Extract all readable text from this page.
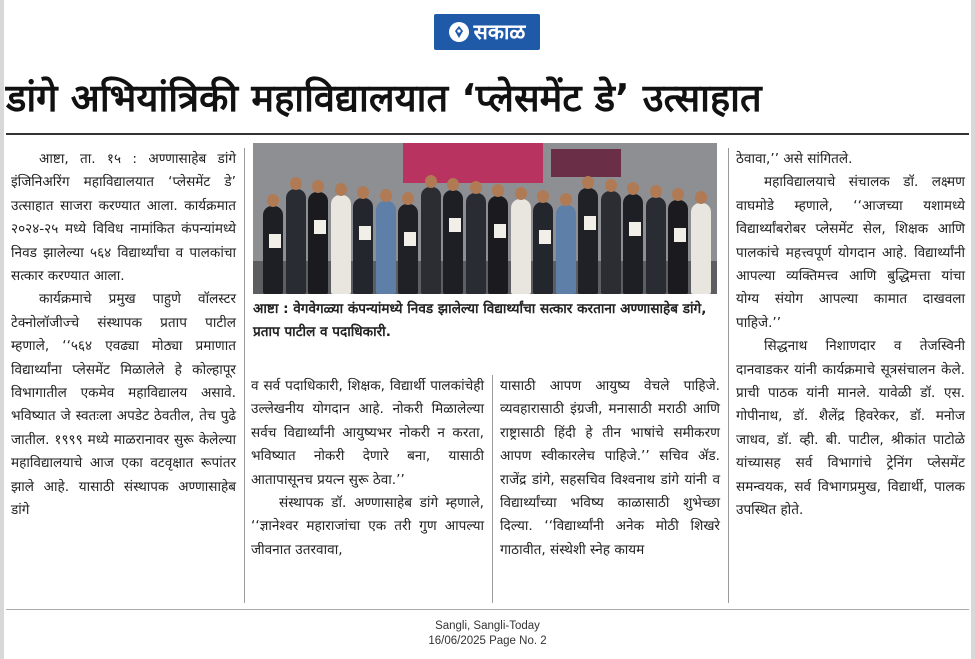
सकाळ
डांगे अभियांत्रिकी महाविद्यालयात ‘प्लेसमेंट डे’ उत्साहात

आष्टा, ता. १५ : अण्णासाहेब डांगे इंजिनिअरिंग महाविद्यालयात ‘प्लेसमेंट डे’ उत्साहात साजरा करण्यात आला. कार्यक्रमात २०२४-२५ मध्ये विविध नामांकित कंपन्यांमध्ये निवड झालेल्या ५६४ विद्यार्थ्यांचा व पालकांचा सत्कार करण्यात आला.

कार्यक्रमाचे प्रमुख पाहुणे वॉलस्टर टेक्नोलॉजीज्चे संस्थापक प्रताप पाटील म्हणाले, ‘‘५६४ एवढ्या मोठ्या प्रमाणात विद्यार्थ्यांना प्लेसमेंट मिळालेले हे कोल्हापूर विभागातील एकमेव महाविद्यालय असावे. भविष्यात जे स्वतःला अपडेट ठेवतील, तेच पुढे जातील. १९९९ मध्ये माळरानावर सुरू केलेल्या महाविद्यालयाचे आज एका वटवृक्षात रूपांतर झाले आहे. यासाठी संस्थापक अण्णासाहेब डांगे

आष्टा : वेगवेगळ्या कंपन्यांमध्ये निवड झालेल्या विद्यार्थ्यांचा सत्कार करताना अण्णासाहेब डांगे, प्रताप पाटील व पदाधिकारी.

व सर्व पदाधिकारी, शिक्षक, विद्यार्थी पालकांचेही उल्लेखनीय योगदान आहे. नोकरी मिळालेल्या सर्वच विद्यार्थ्यांनी आयुष्यभर नोकरी न करता, भविष्यात नोकरी देणारे बना, यासाठी आतापासूनच प्रयत्न सुरू ठेवा.’’

संस्थापक डॉ. अण्णासाहेब डांगे म्हणाले, ‘‘ज्ञानेश्वर महाराजांचा एक तरी गुण आपल्या जीवनात उतरवावा,

यासाठी आपण आयुष्य वेचले पाहिजे. व्यवहारासाठी इंग्रजी, मनासाठी मराठी आणि राष्ट्रासाठी हिंदी हे तीन भाषांचे समीकरण आपण स्वीकारलेच पाहिजे.’’ सचिव ॲड. राजेंद्र डांगे, सहसचिव विश्वनाथ डांगे यांनी व विद्यार्थ्यांच्या भविष्य काळासाठी शुभेच्छा दिल्या. ‘‘विद्यार्थ्यांनी अनेक मोठी शिखरे गाठावीत, संस्थेशी स्नेह कायम

ठेवावा,’’ असे सांगितले.

महाविद्यालयाचे संचालक डॉ. लक्ष्मण वाघमोडे म्हणाले, ‘‘आजच्या यशामध्ये विद्यार्थ्यांबरोबर प्लेसमेंट सेल, शिक्षक आणि पालकांचे महत्त्वपूर्ण योगदान आहे. विद्यार्थ्यांनी आपल्या व्यक्तिमत्त्व आणि बुद्धिमत्ता यांचा योग्य संयोग आपल्या कामात दाखवला पाहिजे.’’

सिद्धनाथ निशाणदार व तेजस्विनी दानवाडकर यांनी कार्यक्रमाचे सूत्रसंचालन केले. प्राची पाठक यांनी मानले. यावेळी डॉ. एस. गोपीनाथ, डॉ. शैलेंद्र हिवरेकर, डॉ. मनोज जाधव, डॉ. व्ही. बी. पाटील, श्रीकांत पाटोळे यांच्यासह सर्व विभागांचे ट्रेनिंग प्लेसमेंट समन्वयक, सर्व विभागप्रमुख, विद्यार्थी, पालक उपस्थित होते.

Sangli, Sangli-Today
16/06/2025 Page No. 2
